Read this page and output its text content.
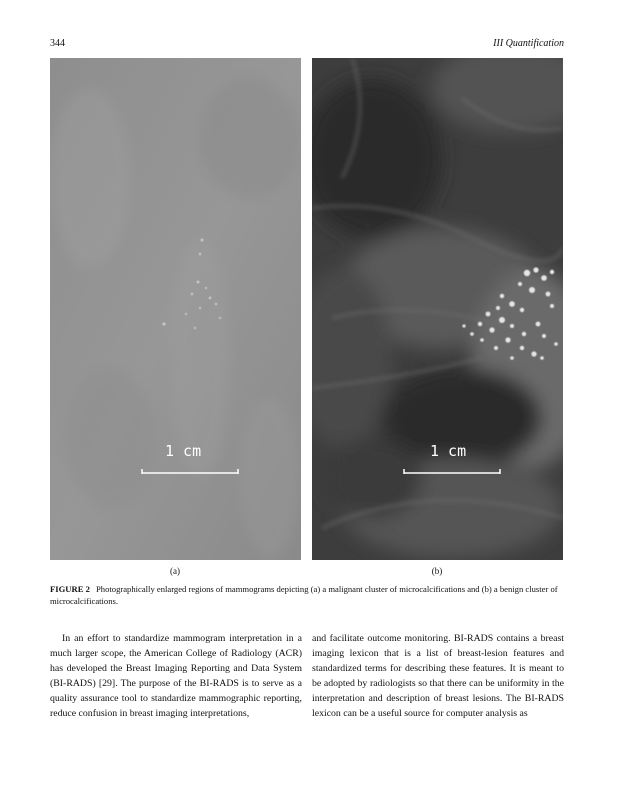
344	III Quantification
1 cm	1 cm
(a)	(b)
FIGURE 2 Photographically enlarged regions of mammograms depicting (a) a malignant cluster of microcalcifications and (b) a benign cluster of microcalcifications.

In an effort to standardize mammogram interpretation in a much larger scope, the American College of Radiology (ACR) has developed the Breast Imaging Reporting and Data System (BI-RADS) [29]. The purpose of the BI-RADS is to serve as a quality assurance tool to standardize mammographic reporting, reduce confusion in breast imaging interpretations,

and facilitate outcome monitoring. BI-RADS contains a breast imaging lexicon that is a list of breast-lesion features and standardized terms for describing these features. It is meant to be adopted by radiologists so that there can be uniformity in the interpretation and description of breast lesions. The BI-RADS lexicon can be a useful source for computer analysis as
